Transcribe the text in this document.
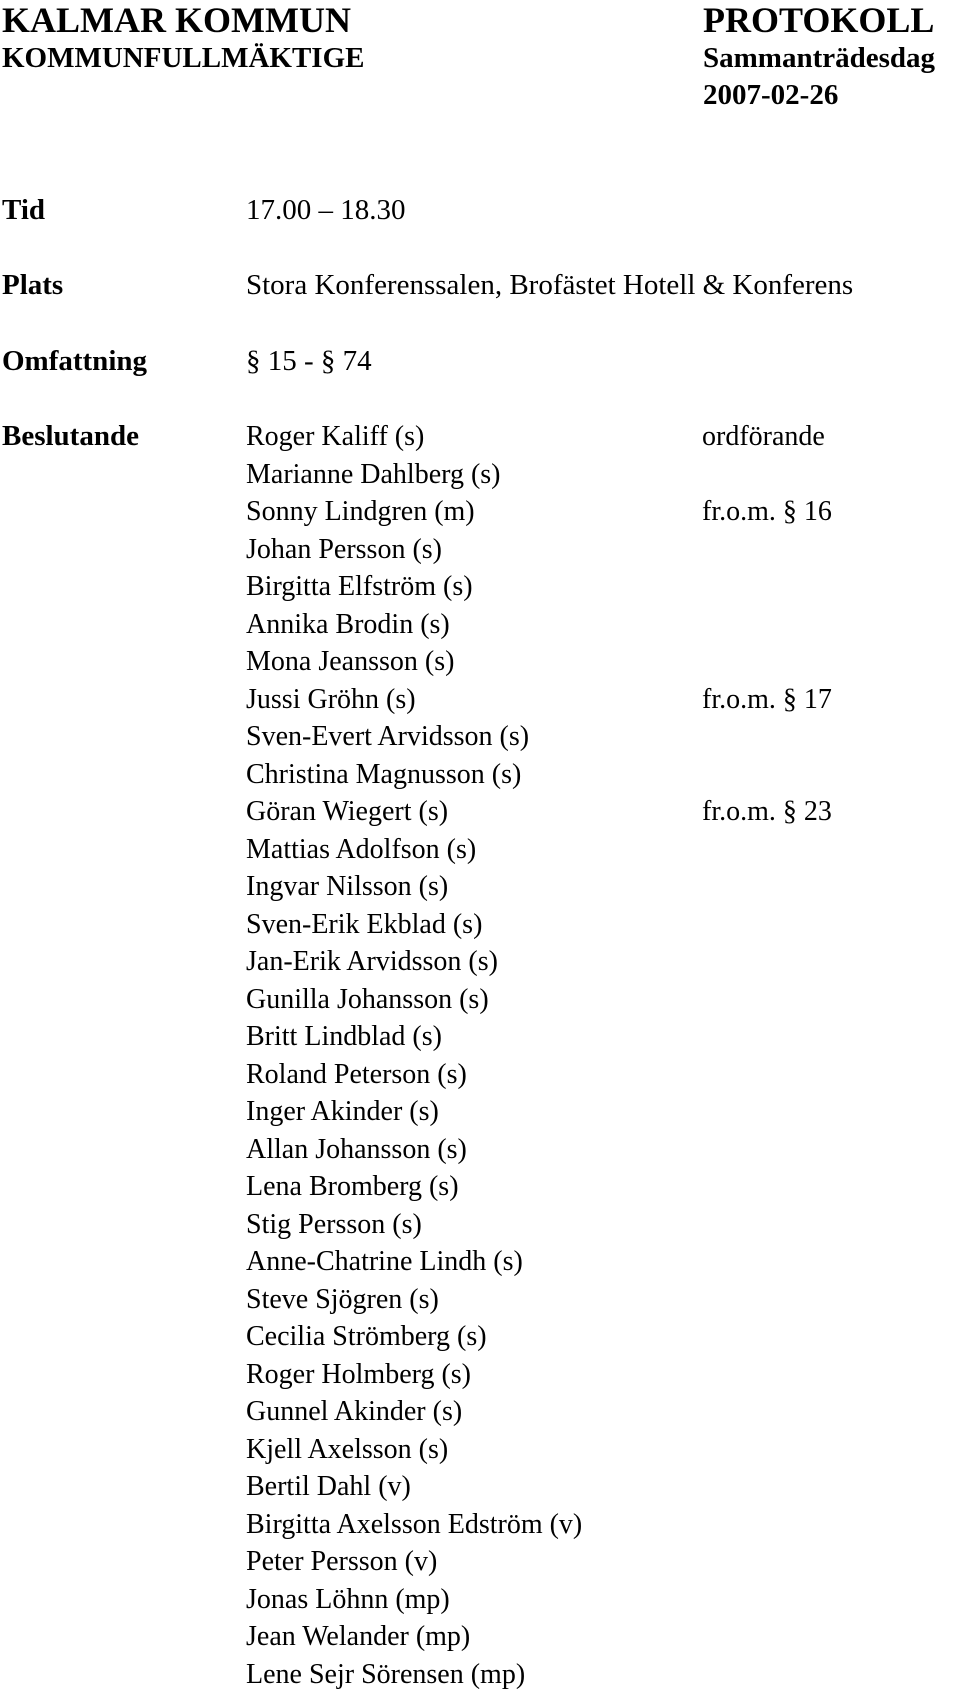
KALMAR KOMMUN
KOMMUNFULLMÄKTIGE
PROTOKOLL
Sammanträdesdag
2007-02-26
Tid	17.00 – 18.30
Plats	Stora Konferenssalen, Brofästet Hotell & Konferens
Omfattning	§ 15 - § 74
Beslutande	Roger Kaliff (s)	ordförande
Marianne Dahlberg (s)
Sonny Lindgren (m)	fr.o.m. § 16
Johan Persson (s)
Birgitta Elfström (s)
Annika Brodin (s)
Mona Jeansson (s)
Jussi Gröhn (s)	fr.o.m. § 17
Sven-Evert Arvidsson (s)
Christina Magnusson (s)
Göran Wiegert (s)	fr.o.m. § 23
Mattias Adolfson (s)
Ingvar Nilsson (s)
Sven-Erik Ekblad (s)
Jan-Erik Arvidsson (s)
Gunilla Johansson (s)
Britt Lindblad (s)
Roland Peterson (s)
Inger Akinder (s)
Allan Johansson (s)
Lena Bromberg (s)
Stig Persson (s)
Anne-Chatrine Lindh (s)
Steve Sjögren (s)
Cecilia Strömberg (s)
Roger Holmberg (s)
Gunnel Akinder (s)
Kjell Axelsson (s)
Bertil Dahl (v)
Birgitta Axelsson Edström (v)
Peter Persson (v)
Jonas Löhnn (mp)
Jean Welander (mp)
Lene Sejr Sörensen (mp)
